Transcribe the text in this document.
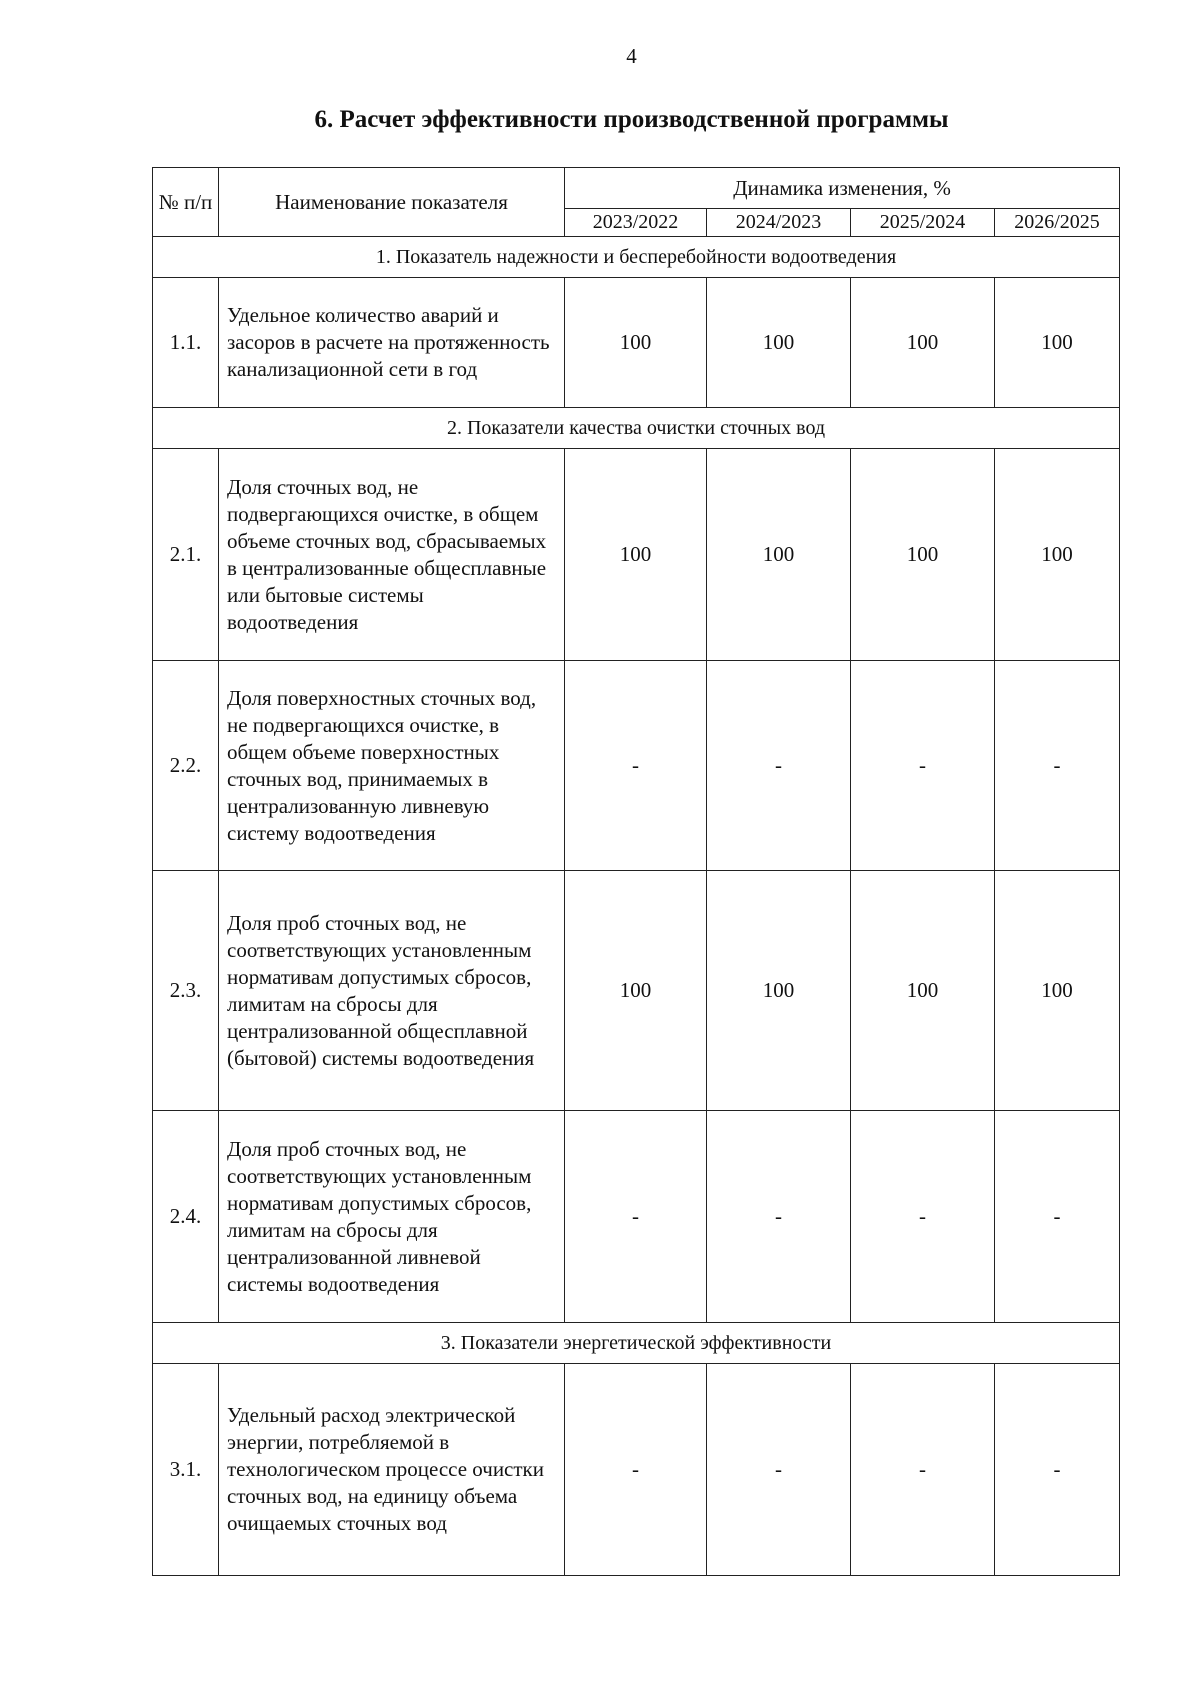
4
6. Расчет эффективности производственной программы
№ п/п	Наименование показателя	Динамика изменения, %			
		2023/2022	2024/2023	2025/2024	2026/2025
1. Показатель надежности и бесперебойности водоотведения					
1.1.	Удельное количество аварий и засоров в расчете на протяженность канализационной сети в год	100	100	100	100
2. Показатели качества очистки сточных вод					
2.1.	Доля сточных вод, не подвергающихся очистке, в общем объеме сточных вод, сбрасываемых в централизованные общесплавные или бытовые системы водоотведения	100	100	100	100
2.2.	Доля поверхностных сточных вод, не подвергающихся очистке, в общем объеме поверхностных сточных вод, принимаемых в централизованную ливневую систему водоотведения	-	-	-	-
2.3.	Доля проб сточных вод, не соответствующих установленным нормативам допустимых сбросов, лимитам на сбросы для централизованной общесплавной (бытовой) системы водоотведения	100	100	100	100
2.4.	Доля проб сточных вод, не соответствующих установленным нормативам допустимых сбросов, лимитам на сбросы для централизованной ливневой системы водоотведения	-	-	-	-
3. Показатели энергетической эффективности					
3.1.	Удельный расход электрической энергии, потребляемой в технологическом процессе очистки сточных вод, на единицу объема очищаемых сточных вод	-	-	-	-
